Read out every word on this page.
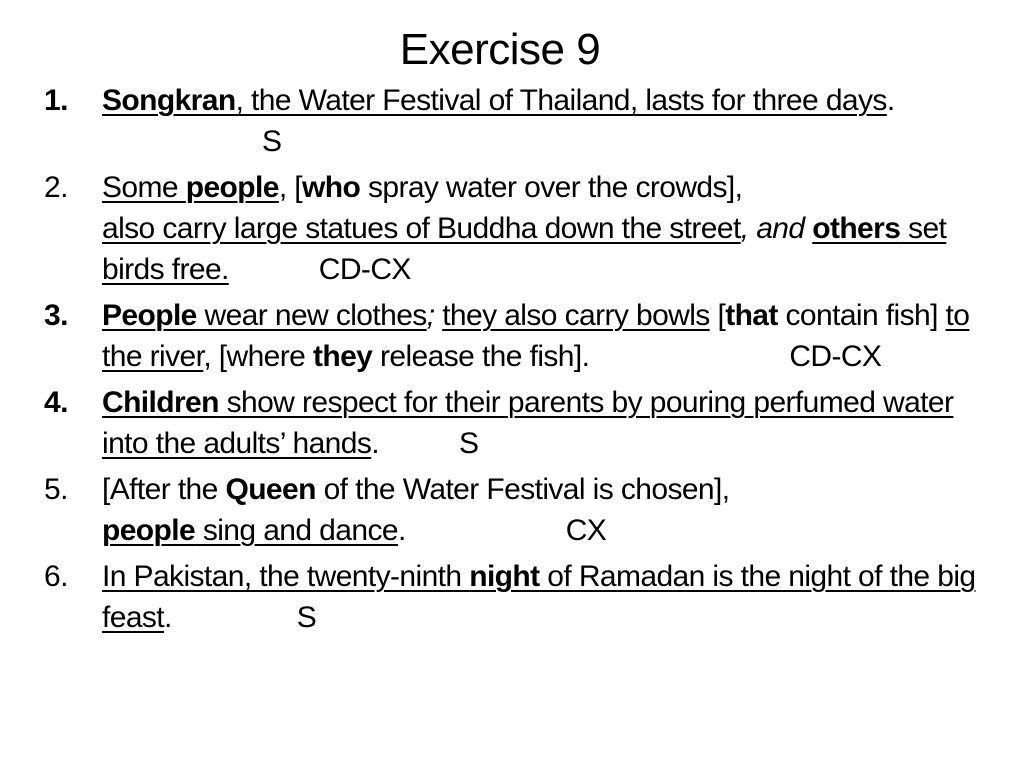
Exercise 9
1. Songkran, the Water Festival of Thailand, lasts for three days.S
2. Some people, [who spray water over the crowds],
also carry large statues of Buddha down the street, and others set birds free.	CD-CX
3. People wear new clothes; they also carry bowls [that contain fish] to the river, [where they release the fish].	CD-CX
4. Children show respect for their parents by pouring perfumed water into the adults’ hands.	S
5. [After the Queen of the Water Festival is chosen],
people sing and dance.	CX
6. In Pakistan, the twenty-ninth night of Ramadan is the night of the big feast.	S
